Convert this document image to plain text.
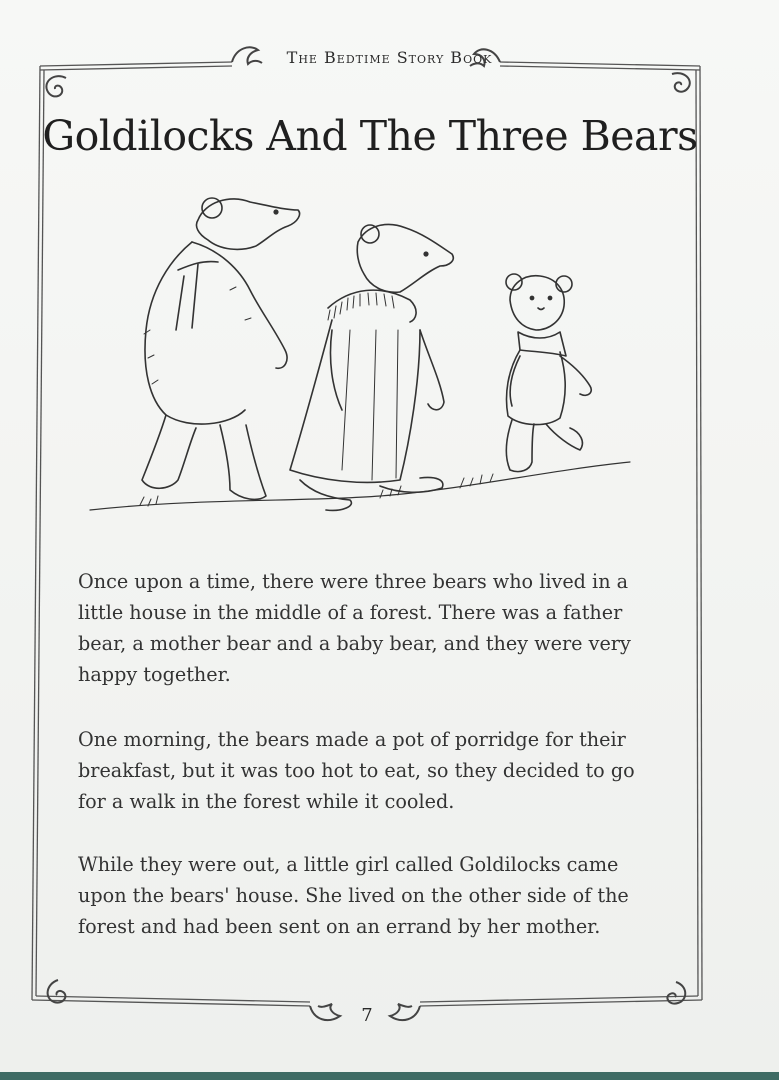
The Bedtime Story Book
Goldilocks And The Three Bears

Once upon a time, there were three bears who lived in a little house in the middle of a forest. There was a father bear, a mother bear and a baby bear, and they were very happy together.

One morning, the bears made a pot of porridge for their breakfast, but it was too hot to eat, so they decided to go for a walk in the forest while it cooled.

While they were out, a little girl called Goldilocks came upon the bears' house. She lived on the other side of the forest and had been sent on an errand by her mother.

7
